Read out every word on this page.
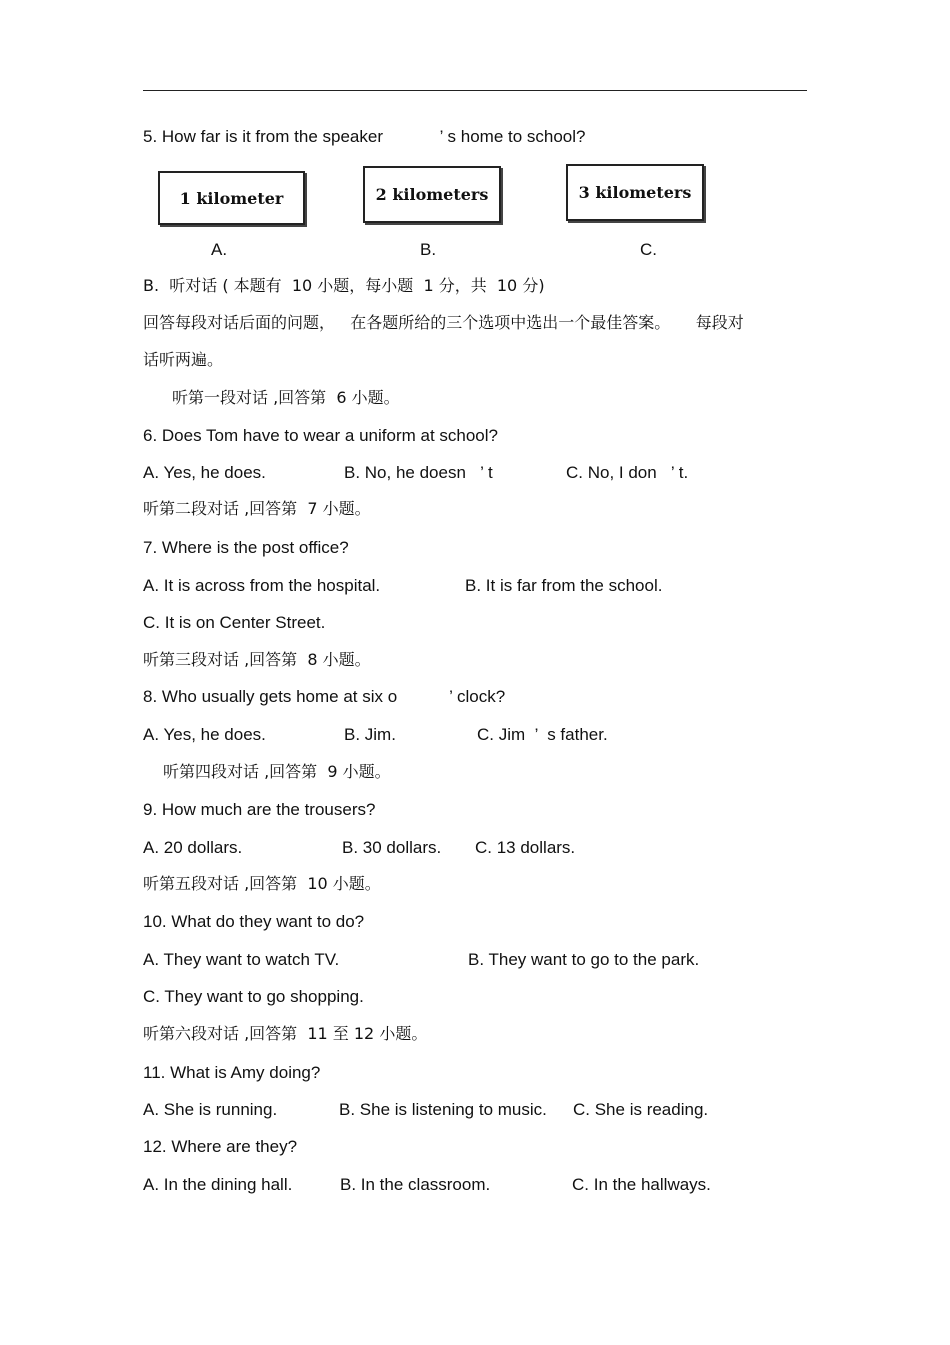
5. How far is it from the speaker            ’ s home to school?
1 kilometer	2 kilometers	3 kilometers
A.	B.	C.
B.  听对话 ( 本题有  10 小题，每小题  1 分，共  10 分)
回答每段对话后面的问题，   在各题所给的三个选项中选出一个最佳答案。     每段对
话听两遍。
听第一段对话 ,回答第  6 小题。
6. Does Tom have to wear a uniform at school?
A. Yes, he does.	B. No, he doesn   ’ t	C. No, I don   ’ t.
听第二段对话 ,回答第  7 小题。
7. Where is the post office?
A. It is across from the hospital.	B. It is far from the school.
C. It is on Center Street.
听第三段对话 ,回答第  8 小题。
8. Who usually gets home at six o           ’ clock?
A. Yes, he does.	B. Jim.	C. Jim  ’  s father.
听第四段对话 ,回答第  9 小题。
9. How much are the trousers?
A. 20 dollars.	B. 30 dollars. C. 13 dollars.
听第五段对话 ,回答第  10 小题。
10. What do they want to do?
A. They want to watch TV.	B. They want to go to the park.
C. They want to go shopping.
听第六段对话 ,回答第  11 至 12 小题。
11. What is Amy doing?
A. She is running.	B. She is listening to music. C. She is reading.
12. Where are they?
A. In the dining hall.	B. In the classroom.	C. In the hallways.
